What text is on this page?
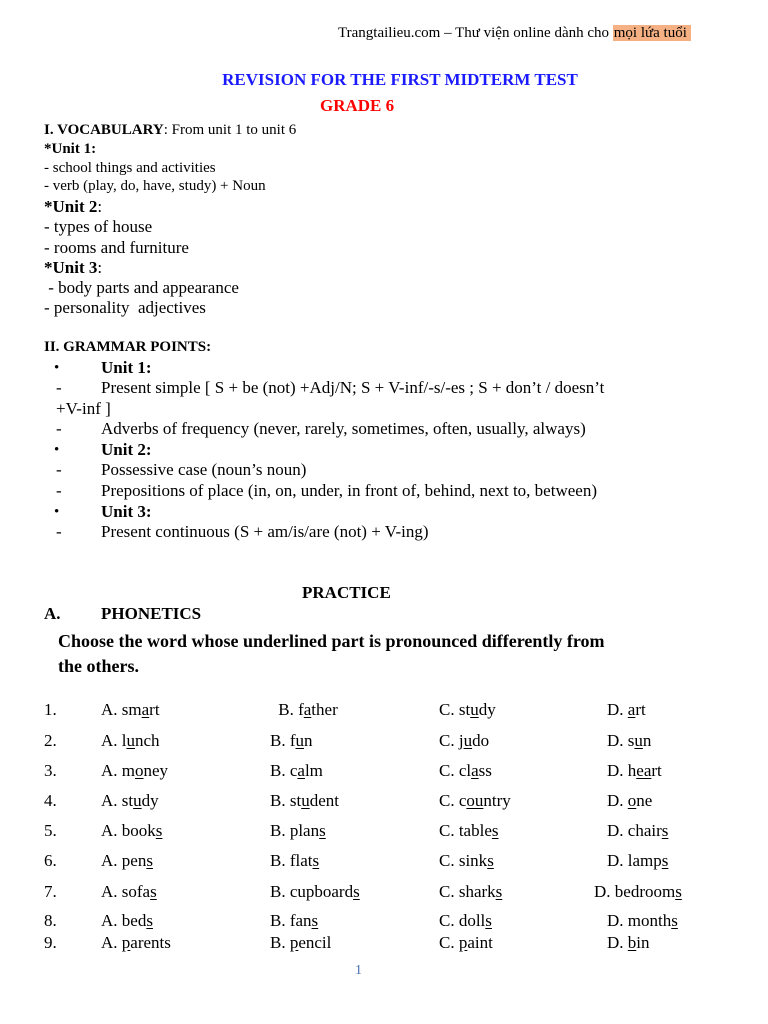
Trangtailieu.com – Thư viện online dành cho mọi lứa tuổi
REVISION FOR THE FIRST MIDTERM TEST
GRADE 6
I. VOCABULARY: From unit 1 to unit 6
*Unit 1:
- school things and activities
- verb (play, do, have, study) + Noun
*Unit 2:
- types of house
- rooms and furniture
*Unit 3:
- body parts and appearance
- personality  adjectives
II. GRAMMAR POINTS:
• Unit 1:
- Present simple [ S + be (not) +Adj/N; S + V-inf/-s/-es ; S + don’t / doesn’t
+V-inf ]
- Adverbs of frequency (never, rarely, sometimes, often, usually, always)
• Unit 2:
- Possessive case (noun’s noun)
- Prepositions of place (in, on, under, in front of, behind, next to, between)
• Unit 3:
- Present continuous (S + am/is/are (not) + V-ing)
PRACTICE
A. PHONETICS
Choose the word whose underlined part is pronounced differently from
the others.
1.	A. smart	B. father	C. study	D. art
2.	A. lunch	B. fun	C. judo	D. sun
3.	A. money	B. calm	C. class	D. heart
4.	A. study	B. student	C. country	D. one
5.	A. books	B. plans	C. tables	D. chairs
6.	A. pens	B. flats	C. sinks	D. lamps
7.	A. sofas	B. cupboards	C. sharks	D. bedrooms
8.	A. beds	B. fans	C. dolls	D. months
9.	A. parents	B. pencil	C. paint	D. bin
1
